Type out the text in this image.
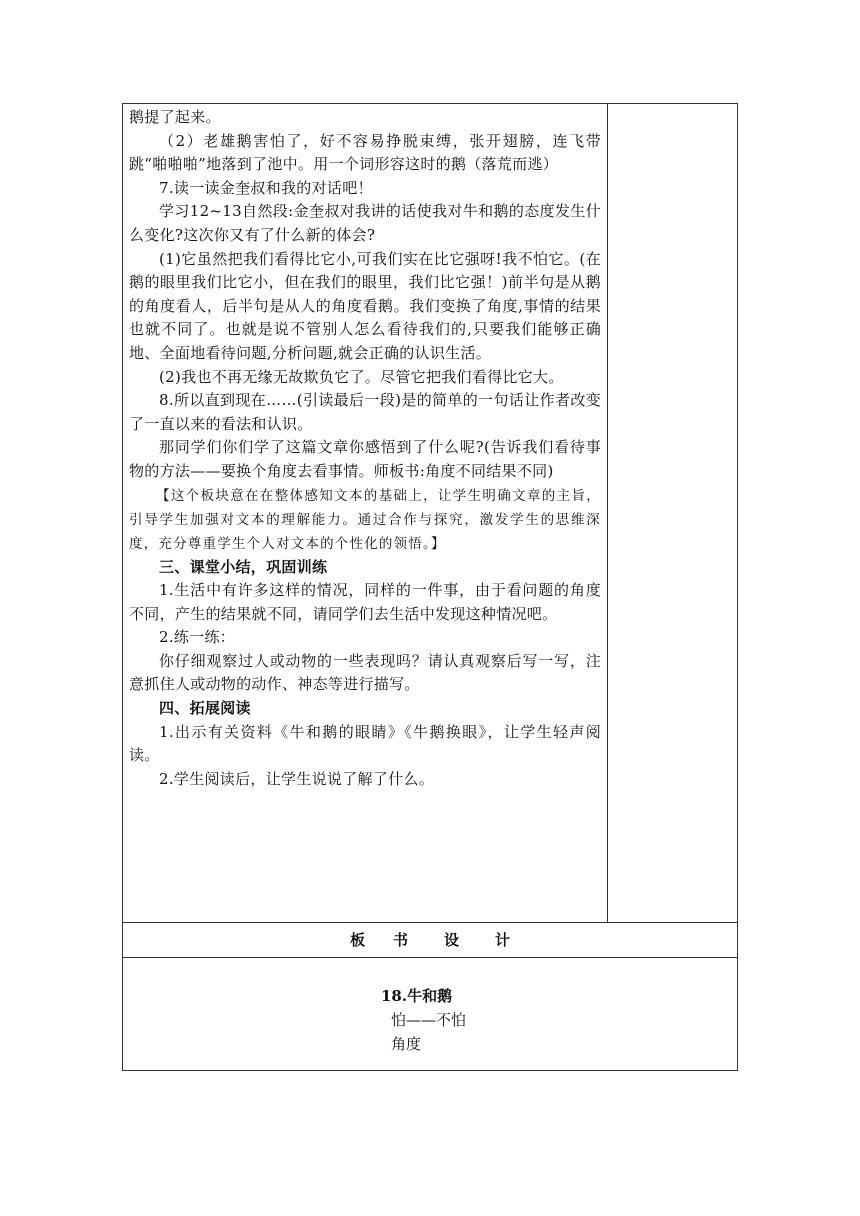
鹅提了起来。

（2）老雄鹅害怕了，好不容易挣脱束缚，张开翅膀，连飞带跳“啪啪啪”地落到了池中。用一个词形容这时的鹅（落荒而逃）

7.读一读金奎叔和我的对话吧！

学习12~13自然段:金奎叔对我讲的话使我对牛和鹅的态度发生什么变化?这次你又有了什么新的体会?

(1)它虽然把我们看得比它小,可我们实在比它强呀!我不怕它。(在鹅的眼里我们比它小，但在我们的眼里，我们比它强！)前半句是从鹅的角度看人，后半句是从人的角度看鹅。我们变换了角度,事情的结果也就不同了。也就是说不管别人怎么看待我们的,只要我们能够正确地、全面地看待问题,分析问题,就会正确的认识生活。

(2)我也不再无缘无故欺负它了。尽管它把我们看得比它大。

8.所以直到现在……(引读最后一段)是的简单的一句话让作者改变了一直以来的看法和认识。

那同学们你们学了这篇文章你感悟到了什么呢?(告诉我们看待事物的方法——要换个角度去看事情。师板书:角度不同结果不同)

【这个板块意在在整体感知文本的基础上，让学生明确文章的主旨，引导学生加强对文本的理解能力。通过合作与探究，激发学生的思维深度，充分尊重学生个人对文本的个性化的领悟。】

三、课堂小结，巩固训练

1.生活中有许多这样的情况，同样的一件事，由于看问题的角度不同，产生的结果就不同，请同学们去生活中发现这种情况吧。

2.练一练：

你仔细观察过人或动物的一些表现吗？请认真观察后写一写，注意抓住人或动物的动作、神态等进行描写。

四、拓展阅读

1.出示有关资料《牛和鹅的眼睛》《牛鹅换眼》，让学生轻声阅读。

2.学生阅读后，让学生说说了解了什么。

板 书 设 计
18.牛和鹅
怕——不怕
角度
